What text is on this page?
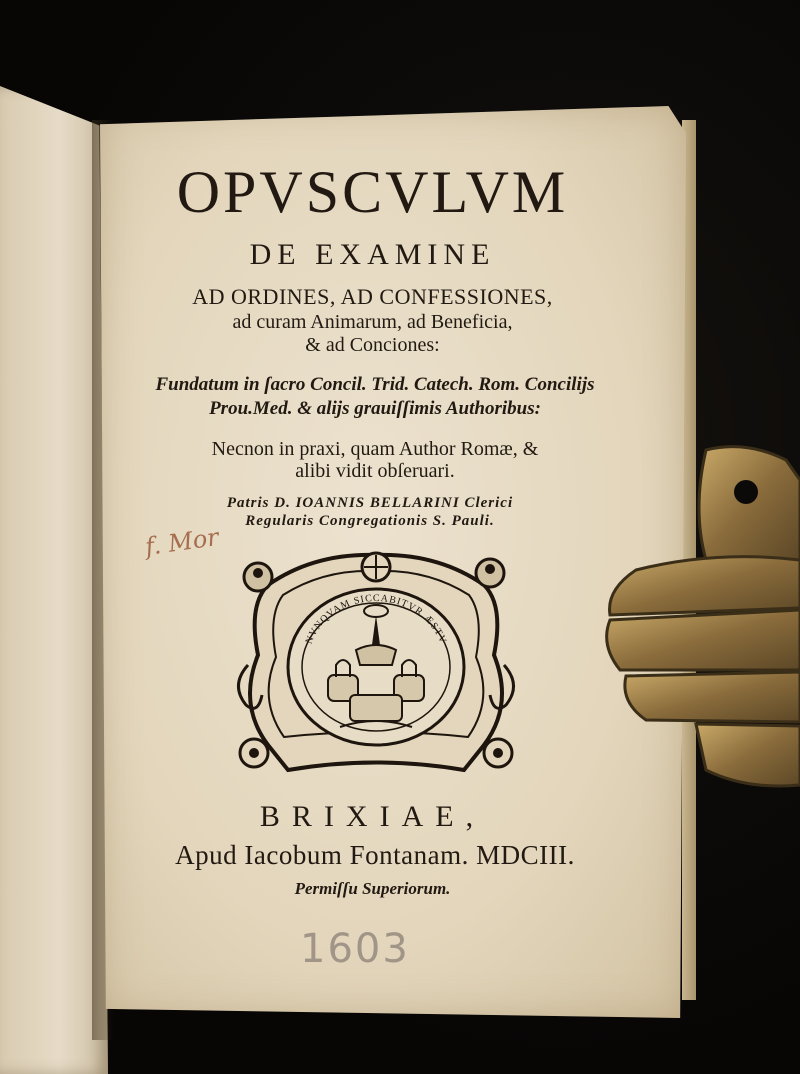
OPVSCVLVM
DE EXAMINE
AD ORDINES, AD CONFESSIONES,
ad curam Animarum, ad Beneficia,
& ad Conciones:
Fundatum in ſacro Concil. Trid. Catech. Rom. Conciliјs
Prou.Med. & alijs grauiſſimis Authoribus:
Necnon in praxi, quam Author Romæ, &
alibi vidit obſeruari.
Patris D. IOANNIS BELLARINI Clerici
Regularis Congregationis S. Pauli.
f. Mor
NVNQVAM SICCABITVR ÆSTV
BRIXIAE,
Apud Iacobum Fontanam. MDCIII.
Permiſſu Superiorum.
1603
